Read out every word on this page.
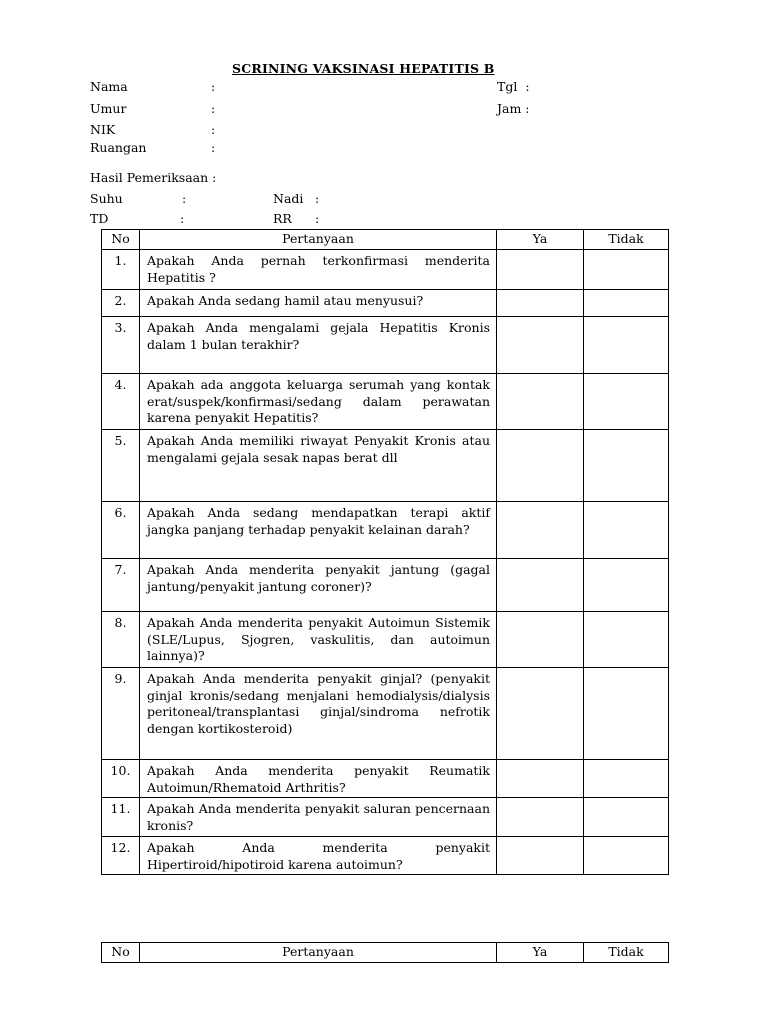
SCRINING VAKSINASI HEPATITIS B
Nama	:	Tgl :
Umur	:	Jam :
NIK	:
Ruangan	:
Hasil Pemeriksaan :
Suhu	:	Nadi :
TD	:	RR :
No	Pertanyaan	Ya	Tidak
1.	Apakah Anda pernah terkonfirmasi menderita Hepatitis ?		
2.	Apakah Anda sedang hamil atau menyusui?		
3.	Apakah Anda mengalami gejala Hepatitis Kronis dalam 1 bulan terakhir?		
4.	Apakah ada anggota keluarga serumah yang kontak erat/suspek/konfirmasi/sedang dalam perawatan karena penyakit Hepatitis?		
5.	Apakah Anda memiliki riwayat Penyakit Kronis atau mengalami gejala sesak napas berat dll		
6.	Apakah Anda sedang mendapatkan terapi aktif jangka panjang terhadap penyakit kelainan darah?		
7.	Apakah Anda menderita penyakit jantung (gagal jantung/penyakit jantung coroner)?		
8.	Apakah Anda menderita penyakit Autoimun Sistemik (SLE/Lupus, Sjogren, vaskulitis, dan autoimun lainnya)?		
9.	Apakah Anda menderita penyakit ginjal? (penyakit ginjal kronis/sedang menjalani hemodialysis/dialysis peritoneal/transplantasi ginjal/sindroma nefrotik dengan kortikosteroid)		
10.	Apakah Anda menderita penyakit Reumatik Autoimun/Rhematoid Arthritis?		
11.	Apakah Anda menderita penyakit saluran pencernaan kronis?		
12.	Apakah Anda menderita penyakit Hipertiroid/hipotiroid karena autoimun?		
No	Pertanyaan	Ya	Tidak
